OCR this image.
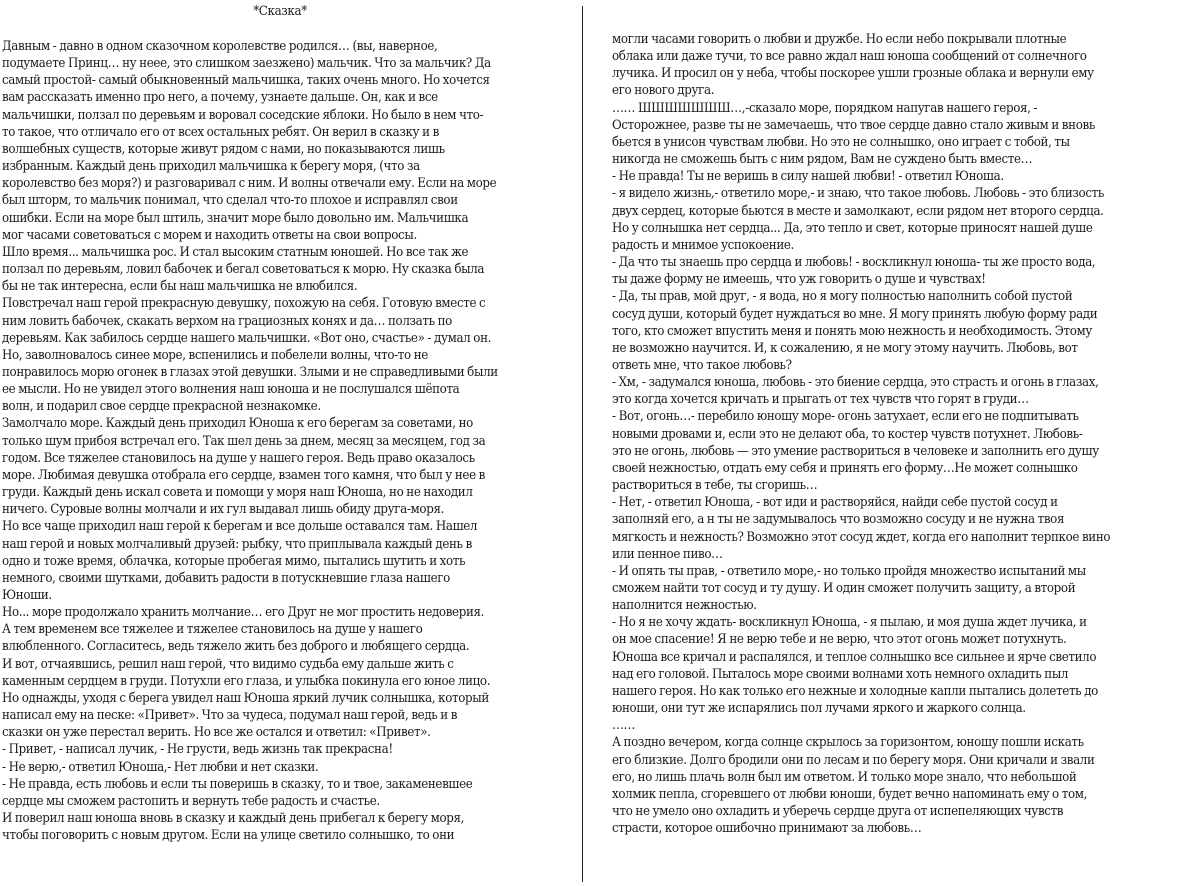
*Сказка*
Давным - давно в одном сказочном королевстве родился… (вы, наверное,
подумаете Принц… ну неее, это слишком заезжено) мальчик. Что за мальчик? Да
самый простой- самый обыкновенный мальчишка, таких очень много. Но хочется
вам рассказать именно про него, а почему, узнаете дальше. Он, как и все
мальчишки, ползал по деревьям и воровал соседские яблоки. Но было в нем что-
то такое, что отличало его от всех остальных ребят. Он верил в сказку и в
волшебных существ, которые живут рядом с нами, но показываются лишь
избранным. Каждый день приходил мальчишка к берегу моря, (что за
королевство без моря?) и разговаривал с ним. И волны отвечали ему. Если на море
был шторм, то мальчик понимал, что сделал что-то плохое и исправлял свои
ошибки. Если на море был штиль, значит море было довольно им. Мальчишка
мог часами советоваться с морем и находить ответы на свои вопросы.
Шло время... мальчишка рос. И стал высоким статным юношей. Но все так же
ползал по деревьям, ловил бабочек и бегал советоваться к морю. Ну сказка была
бы не так интересна, если бы наш мальчишка не влюбился.
Повстречал наш герой прекрасную девушку, похожую на себя. Готовую вместе с
ним ловить бабочек, скакать верхом на грациозных конях и да… ползать по
деревьям. Как забилось сердце нашего мальчишки. «Вот оно, счастье» - думал он.
Но, заволновалось синее море, вспенились и побелели волны, что-то не
понравилось морю огонек в глазах этой девушки. Злыми и не справедливыми были
ее мысли. Но не увидел этого волнения наш юноша и не послушался шёпота
волн, и подарил свое сердце прекрасной незнакомке.
Замолчало море. Каждый день приходил Юноша к его берегам за советами, но
только шум прибоя встречал его. Так шел день за днем, месяц за месяцем, год за
годом. Все тяжелее становилось на душе у нашего героя. Ведь право оказалось
море. Любимая девушка отобрала его сердце, взамен того камня, что был у нее в
груди. Каждый день искал совета и помощи у моря наш Юноша, но не находил
ничего. Суровые волны молчали и их гул выдавал лишь обиду друга-моря.
Но все чаще приходил наш герой к берегам и все дольше оставался там. Нашел
наш герой и новых молчаливый друзей: рыбку, что приплывала каждый день в
одно и тоже время, облачка, которые пробегая мимо, пытались шутить и хоть
немного, своими шутками, добавить радости в потускневшие глаза нашего
Юноши.
Но... море продолжало хранить молчание… его Друг не мог простить недоверия.
А тем временем все тяжелее и тяжелее становилось на душе у нашего
влюбленного. Согласитесь, ведь тяжело жить без доброго и любящего сердца.
И вот, отчаявшись, решил наш герой, что видимо судьба ему дальше жить с
каменным сердцем в груди. Потухли его глаза, и улыбка покинула его юное лицо.
Но однажды, уходя с берега увидел наш Юноша яркий лучик солнышка, который
написал ему на песке: «Привет». Что за чудеса, подумал наш герой, ведь и в
сказки он уже перестал верить. Но все же остался и ответил: «Привет».
- Привет, - написал лучик, - Не грусти, ведь жизнь так прекрасна!
- Не верю,- ответил Юноша,- Нет любви и нет сказки.
- Не правда, есть любовь и если ты поверишь в сказку, то и твое, закаменевшее
сердце мы сможем растопить и вернуть тебе радость и счастье.
И поверил наш юноша вновь в сказку и каждый день прибегал к берегу моря,
чтобы поговорить с новым другом. Если на улице светило солнышко, то они
могли часами говорить о любви и дружбе. Но если небо покрывали плотные
облака или даже тучи, то все равно ждал наш юноша сообщений от солнечного
лучика. И просил он у неба, чтобы поскорее ушли грозные облака и вернули ему
его нового друга.
…… ШШШШШШШ…,-сказало море, порядком напугав нашего героя, -
Осторожнее, разве ты не замечаешь, что твое сердце давно стало живым и вновь
бьется в унисон чувствам любви. Но это не солнышко, оно играет с тобой, ты
никогда не сможешь быть с ним рядом, Вам не суждено быть вместе…
- Не правда! Ты не веришь в силу нашей любви! - ответил Юноша.
- я видело жизнь,- ответило море,- и знаю, что такое любовь. Любовь - это близость
двух сердец, которые бьются в месте и замолкают, если рядом нет второго сердца.
Но у солнышка нет сердца... Да, это тепло и свет, которые приносят нашей душе
радость и мнимое успокоение.
- Да что ты знаешь про сердца и любовь! - воскликнул юноша- ты же просто вода,
ты даже форму не имеешь, что уж говорить о душе и чувствах!
- Да, ты прав, мой друг, - я вода, но я могу полностью наполнить собой пустой
сосуд души, который будет нуждаться во мне. Я могу принять любую форму ради
того, кто сможет впустить меня и понять мою нежность и необходимость. Этому
не возможно научится. И, к сожалению, я не могу этому научить. Любовь, вот
ответь мне, что такое любовь?
- Хм, - задумался юноша, любовь - это биение сердца, это страсть и огонь в глазах,
это когда хочется кричать и прыгать от тех чувств что горят в груди…
- Вот, огонь…- перебило юношу море- огонь затухает, если его не подпитывать
новыми дровами и, если это не делают оба, то костер чувств потухнет. Любовь-
это не огонь, любовь — это умение раствориться в человеке и заполнить его душу
своей нежностью, отдать ему себя и принять его форму…Не может солнышко
раствориться в тебе, ты сгоришь…
- Нет, - ответил Юноша, - вот иди и растворяйся, найди себе пустой сосуд и
заполняй его, а н ты не задумывалось что возможно сосуду и не нужна твоя
мягкость и нежность? Возможно этот сосуд ждет, когда его наполнит терпкое вино
или пенное пиво…
- И опять ты прав, - ответило море,- но только пройдя множество испытаний мы
сможем найти тот сосуд и ту душу. И один сможет получить защиту, а второй
наполнится нежностью.
- Но я не хочу ждать- воскликнул Юноша, - я пылаю, и моя душа ждет лучика, и
он мое спасение! Я не верю тебе и не верю, что этот огонь может потухнуть.
Юноша все кричал и распалялся, и теплое солнышко все сильнее и ярче светило
над его головой. Пыталось море своими волнами хоть немного охладить пыл
нашего героя. Но как только его нежные и холодные капли пытались долететь до
юноши, они тут же испарялись пол лучами яркого и жаркого солнца.
……
А поздно вечером, когда солнце скрылось за горизонтом, юношу пошли искать
его близкие. Долго бродили они по лесам и по берегу моря. Они кричали и звали
его, но лишь плачь волн был им ответом. И только море знало, что небольшой
холмик пепла, сгоревшего от любви юноши, будет вечно напоминать ему о том,
что не умело оно охладить и уберечь сердце друга от испепеляющих чувств
страсти, которое ошибочно принимают за любовь…
